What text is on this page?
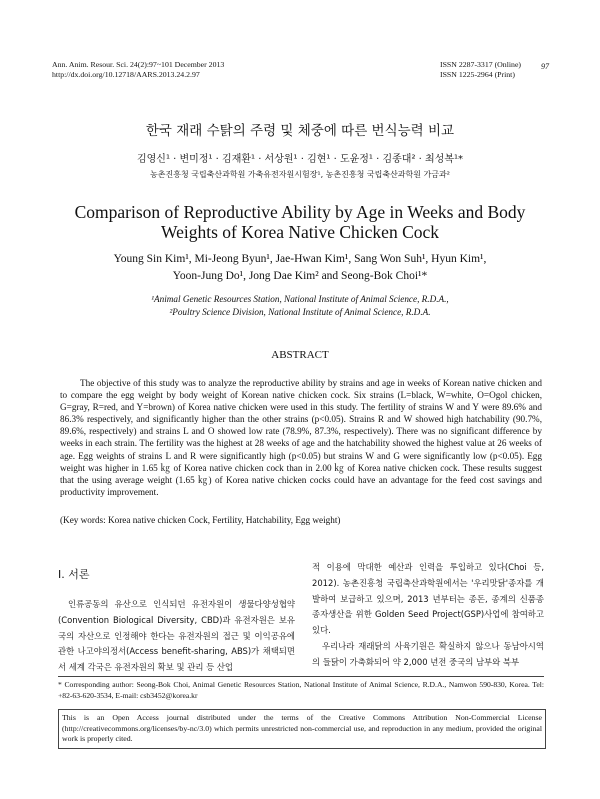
Ann. Anim. Resour. Sci. 24(2):97~101 December 2013
http://dx.doi.org/10.12718/AARS.2013.24.2.97
ISSN 2287-3317 (Online)
ISSN 1225-2964 (Print)
97
한국 재래 수탉의 주령 및 체중에 따른 번식능력 비교
김영신¹ · 변미정¹ · 김재환¹ · 서상원¹ · 김현¹ · 도윤정¹ · 김종대² · 최성복¹*
농촌진흥청 국립축산과학원 가축유전자원시험장¹, 농촌진흥청 국립축산과학원 가금과²
Comparison of Reproductive Ability by Age in Weeks and Body Weights of Korea Native Chicken Cock
Young Sin Kim¹, Mi-Jeong Byun¹, Jae-Hwan Kim¹, Sang Won Suh¹, Hyun Kim¹,
Yoon-Jung Do¹, Jong Dae Kim² and Seong-Bok Choi¹*
¹Animal Genetic Resources Station, National Institute of Animal Science, R.D.A.,
²Poultry Science Division, National Institute of Animal Science, R.D.A.
ABSTRACT
The objective of this study was to analyze the reproductive ability by strains and age in weeks of Korean native chicken and to compare the egg weight by body weight of Korean native chicken cock. Six strains (L=black, W=white, O=Ogol chicken, G=gray, R=red, and Y=brown) of Korea native chicken were used in this study. The fertility of strains W and Y were 89.6% and 86.3% respectively, and significantly higher than the other strains (p<0.05). Strains R and W showed high hatchability (90.7%, 89.6%, respectively) and strains L and O showed low rate (78.9%, 87.3%, respectively). There was no significant difference by weeks in each strain. The fertility was the highest at 28 weeks of age and the hatchability showed the highest value at 26 weeks of age. Egg weights of strains L and R were significantly high (p<0.05) but strains W and G were significantly low (p<0.05). Egg weight was higher in 1.65 ㎏ of Korea native chicken cock than in 2.00 ㎏ of Korea native chicken cock. These results suggest that the using average weight (1.65 ㎏) of Korea native chicken cocks could have an advantage for the feed cost savings and productivity improvement.
(Key words: Korea native chicken Cock, Fertility, Hatchability, Egg weight)
Ⅰ. 서론
인류공동의 유산으로 인식되던 유전자원이 생물다양성협약(Convention Biological Diversity, CBD)과 유전자원은 보유국의 자산으로 인정해야 한다는 유전자원의 접근 및 이익공유에 관한 나고야의정서(Access benefit-sharing, ABS)가 채택되면서 세계 각국은 유전자원의 확보 및 관리 등 산업

적 이용에 막대한 예산과 인력을 투입하고 있다(Choi 등, 2012). 농촌진흥청 국립축산과학원에서는 '우리맛닭'종자를 개발하여 보급하고 있으며, 2013 년부터는 종돈, 종계의 신품종 종자생산을 위한 Golden Seed Project(GSP)사업에 참여하고 있다.

우리나라 재래닭의 사육기원은 확실하지 않으나 동남아시역의 들닭이 가축화되어 약 2,000 년전 중국의 남부와 북부

* Corresponding author: Seong-Bok Choi, Animal Genetic Resources Station, National Institute of Animal Science, R.D.A., Namwon 590-830, Korea. Tel: +82-63-620-3534, E-mail: csb3452@korea.kr
This is an Open Access journal distributed under the terms of the Creative Commons Attribution Non-Commercial License (http://creativecommons.org/licenses/by-nc/3.0) which permits unrestricted non-commercial use, and reproduction in any medium, provided the original work is properly cited.
